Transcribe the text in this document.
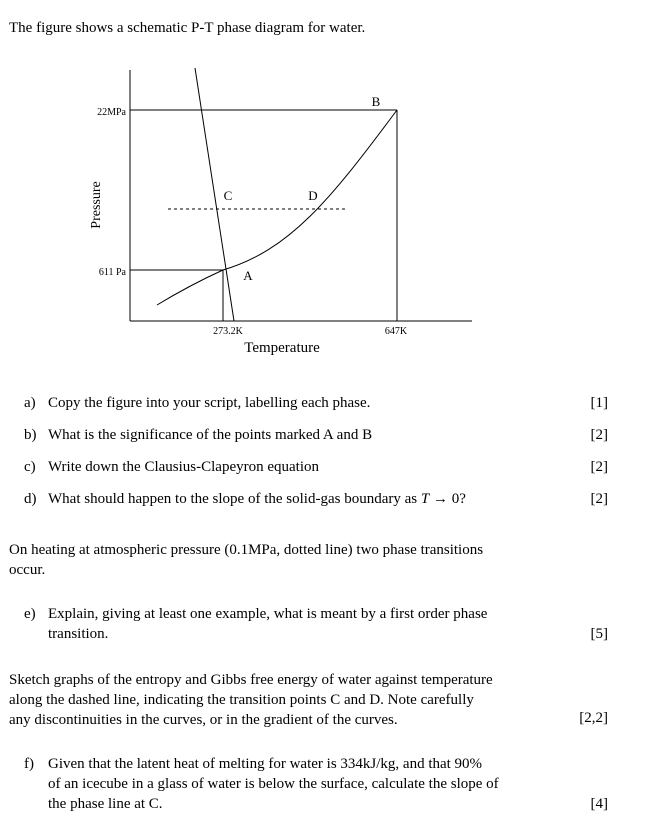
The figure shows a schematic P-T phase diagram for water.
22MPa
611 Pa
273.2K	647K
Temperature
Pressure
A
B
C	D
a) Copy the figure into your script, labelling each phase.	[1]
b) What is the significance of the points marked A and B	[2]
c) Write down the Clausius-Clapeyron equation	[2]
d) What should happen to the slope of the solid-gas boundary as T → 0?	[2]
On heating at atmospheric pressure (0.1MPa, dotted line) two phase transitions
occur.
e) Explain, giving at least one example, what is meant by a first order phase
transition.	[5]
Sketch graphs of the entropy and Gibbs free energy of water against temperature
along the dashed line, indicating the transition points C and D. Note carefully
any discontinuities in the curves, or in the gradient of the curves.	[2,2]
f) Given that the latent heat of melting for water is 334kJ/kg, and that 90%
of an icecube in a glass of water is below the surface, calculate the slope of
the phase line at C.	[4]
